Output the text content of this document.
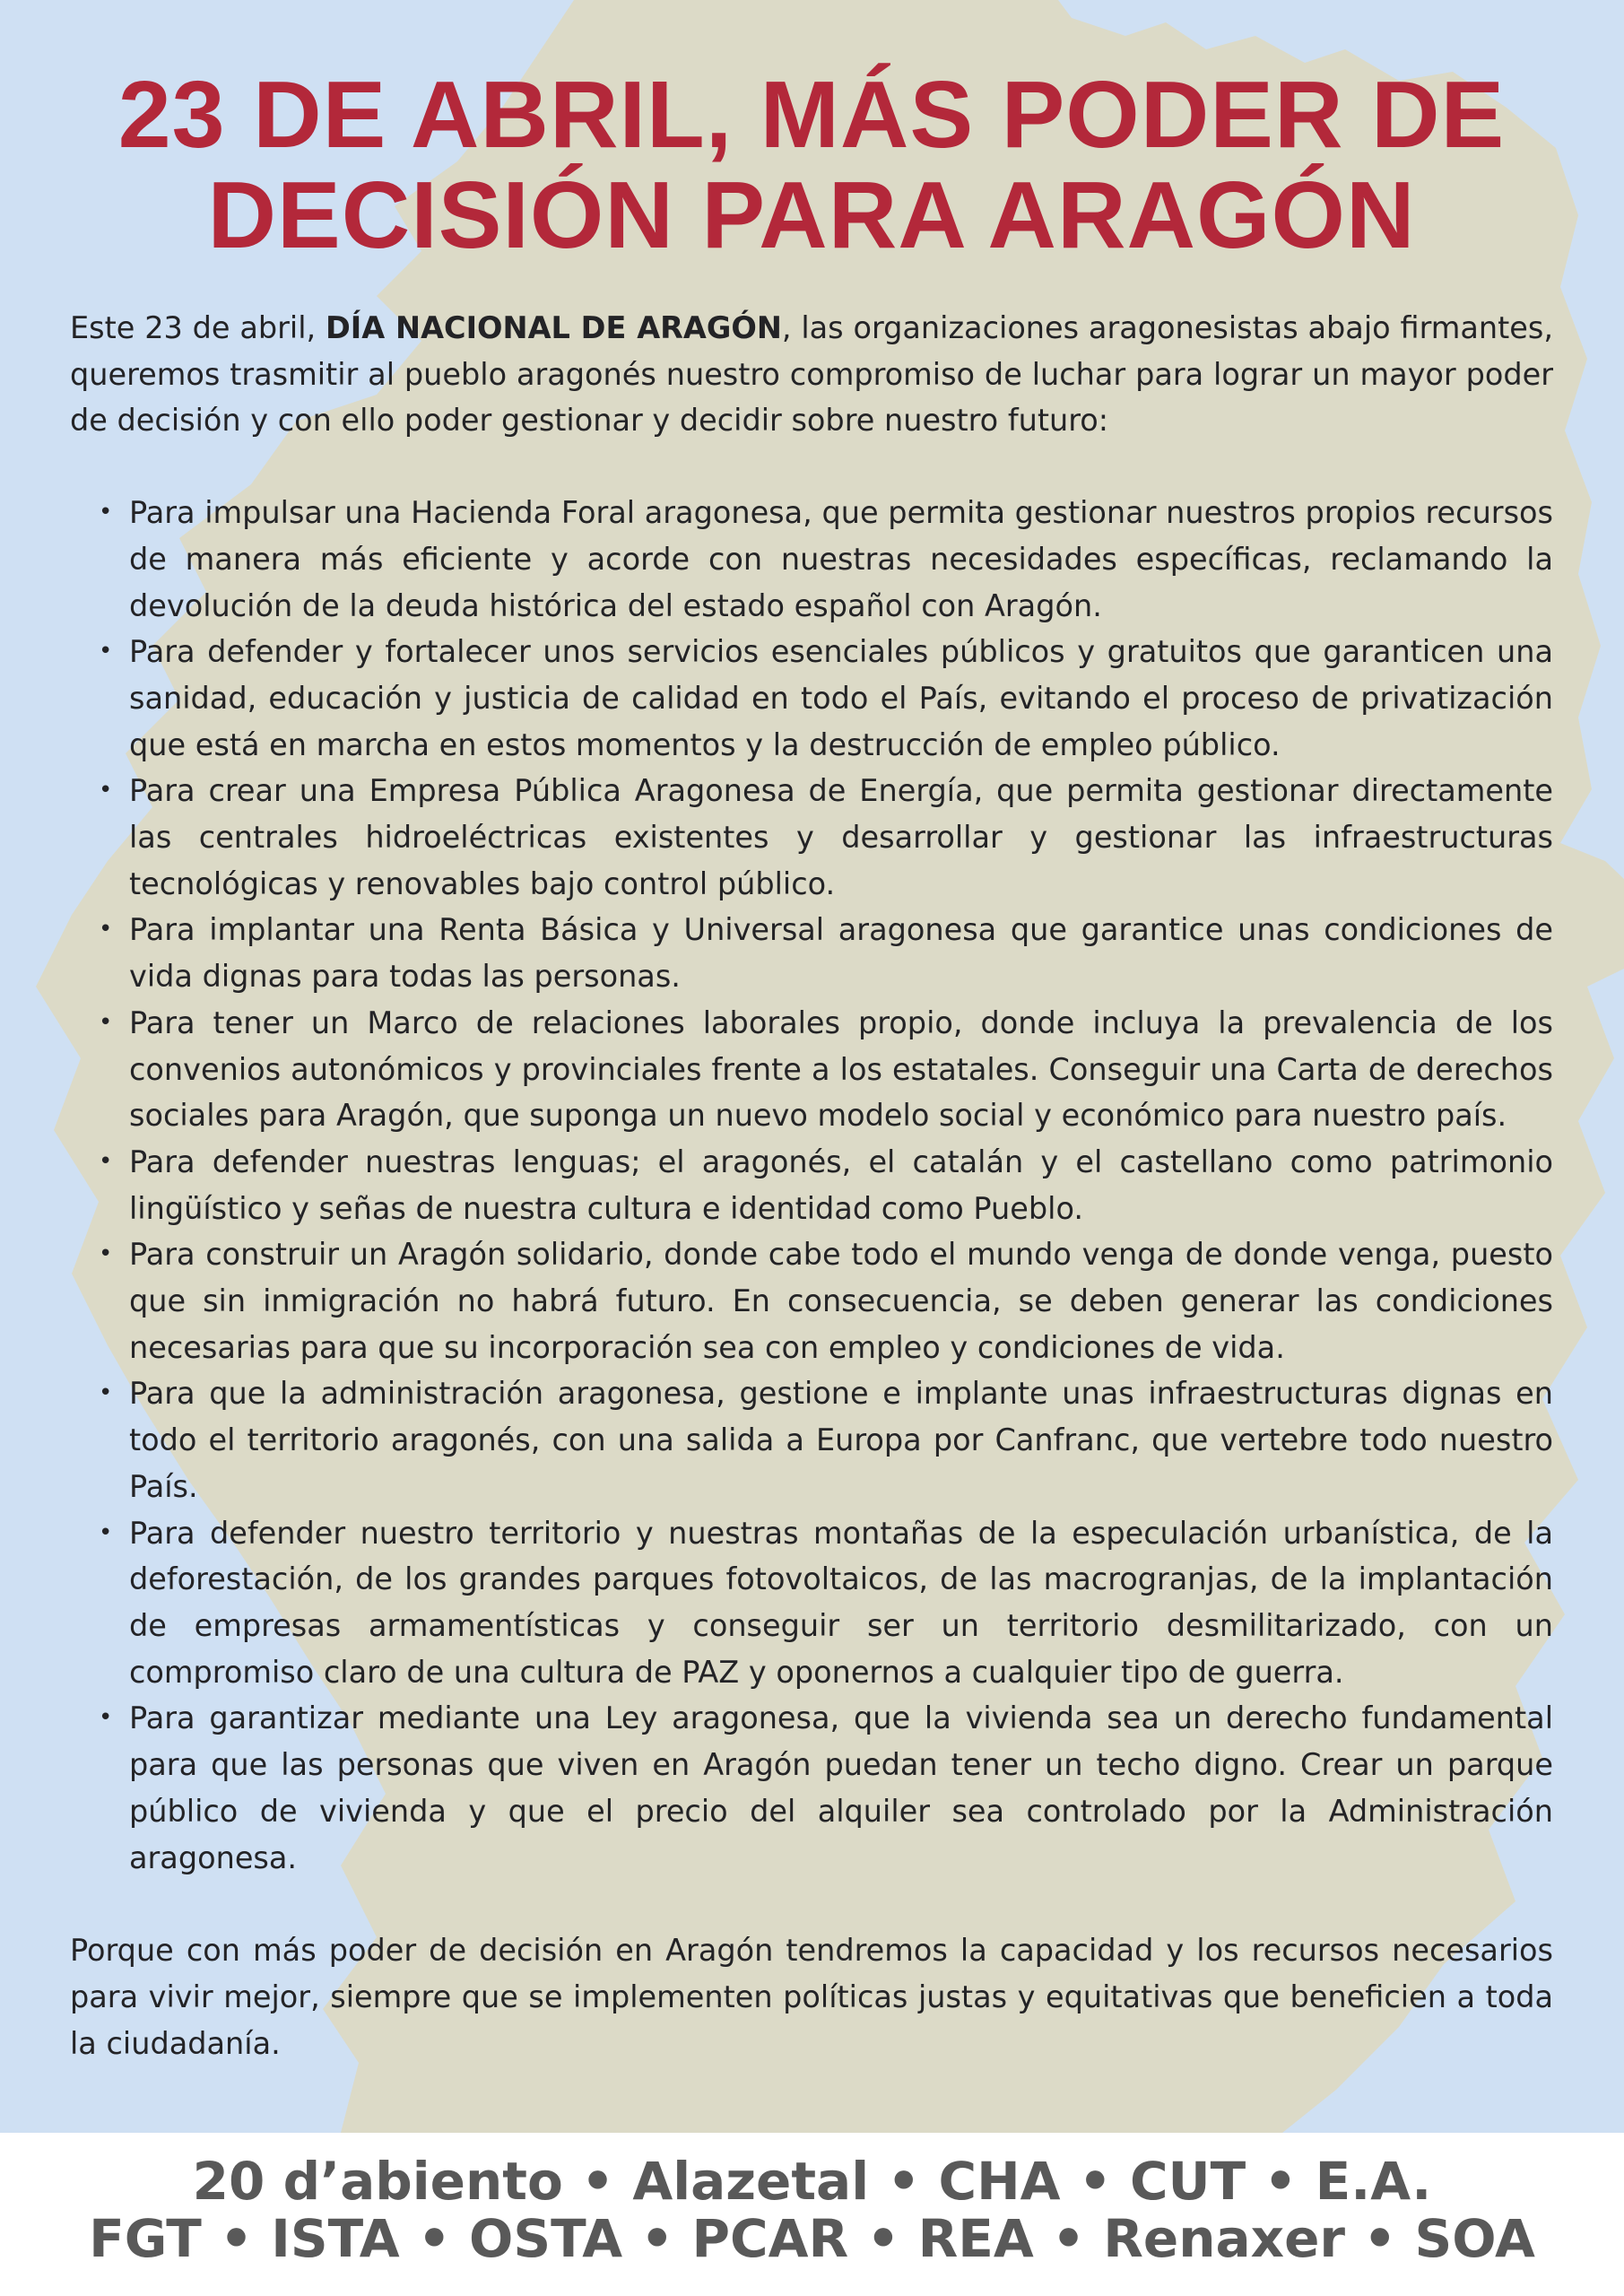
23 DE ABRIL, MÁS PODER DE
DECISIÓN PARA ARAGÓN

Este 23 de abril, DÍA NACIONAL DE ARAGÓN, las organizaciones aragonesistas abajo firmantes, queremos trasmitir al pueblo aragonés nuestro compromiso de luchar para lograr un mayor poder de decisión y con ello poder gestionar y decidir sobre nuestro futuro:

• Para impulsar una Hacienda Foral aragonesa, que permita gestionar nuestros propios recursos de manera más eficiente y acorde con nuestras necesidades específicas, reclamando la devolución de la deuda histórica del estado español con Aragón.
• Para defender y fortalecer unos servicios esenciales públicos y gratuitos que garanticen una sanidad, educación y justicia de calidad en todo el País, evitando el proceso de privatización que está en marcha en estos momentos y la destrucción de empleo público.
• Para crear una Empresa Pública Aragonesa de Energía, que permita gestionar directamente las centrales hidroeléctricas existentes y desarrollar y gestionar las infraestructuras tecnológicas y renovables bajo control público.
• Para implantar una Renta Básica y Universal aragonesa que garantice unas condiciones de vida dignas para todas las personas.
• Para tener un Marco de relaciones laborales propio, donde incluya la prevalencia de los convenios autonómicos y provinciales frente a los estatales. Conseguir una Carta de derechos sociales para Aragón, que suponga un nuevo modelo social y económico para nuestro país.
• Para defender nuestras lenguas; el aragonés, el catalán y el castellano como patrimonio lingüístico y señas de nuestra cultura e identidad como Pueblo.
• Para construir un Aragón solidario, donde cabe todo el mundo venga de donde venga, puesto que sin inmigración no habrá futuro. En consecuencia, se deben generar las condiciones necesarias para que su incorporación sea con empleo y condiciones de vida.
• Para que la administración aragonesa, gestione e implante unas infraestructuras dignas en todo el territorio aragonés, con una salida a Europa por Canfranc, que vertebre todo nuestro País.
• Para defender nuestro territorio y nuestras montañas de la especulación urbanística, de la deforestación, de los grandes parques fotovoltaicos, de las macrogranjas, de la implantación de empresas armamentísticas y conseguir ser un territorio desmilitarizado, con un compromiso claro de una cultura de PAZ y oponernos a cualquier tipo de guerra.
• Para garantizar mediante una Ley aragonesa, que la vivienda sea un derecho fundamental para que las personas que viven en Aragón puedan tener un techo digno. Crear un parque público de vivienda y que el precio del alquiler sea controlado por la Administración aragonesa.

Porque con más poder de decisión en Aragón tendremos la capacidad y los recursos necesarios para vivir mejor, siempre que se implementen políticas justas y equitativas que beneficien a toda la ciudadanía.

20 d’abiento • Alazetal • CHA • CUT • E.A.
FGT • ISTA • OSTA • PCAR • REA • Renaxer • SOA
